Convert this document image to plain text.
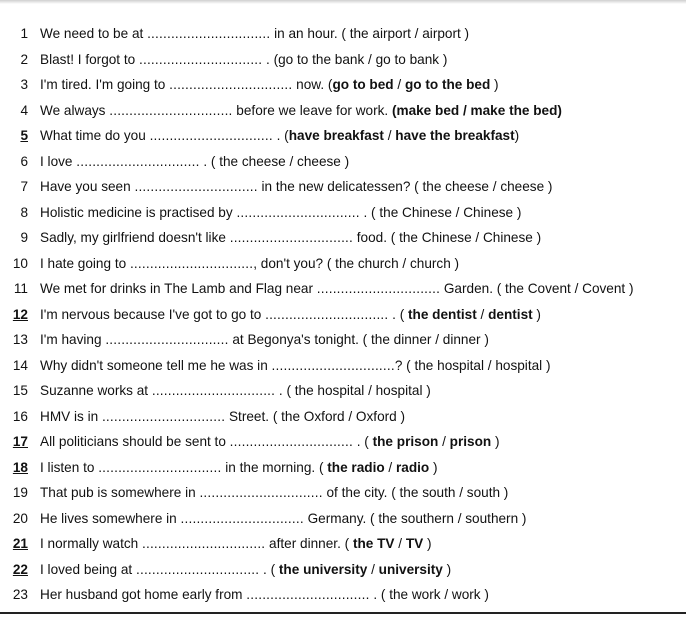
1 We need to be at ............................... in an hour. ( the airport / airport )
2 Blast! I forgot to ............................... . (go to the bank / go to bank )
3 I'm tired. I'm going to ............................... now. (go to bed / go to the bed )
4 We always ............................... before we leave for work. (make bed / make the bed)
5 What time do you ............................... . (have breakfast / have the breakfast)
6 I love ............................... . ( the cheese / cheese )
7 Have you seen ............................... in the new delicatessen? ( the cheese / cheese )
8 Holistic medicine is practised by ............................... . ( the Chinese / Chinese )
9 Sadly, my girlfriend doesn't like ............................... food. ( the Chinese / Chinese )
10 I hate going to ..............................., don't you? ( the church / church )
11 We met for drinks in The Lamb and Flag near ............................... Garden. ( the Covent / Covent )
12 I'm nervous because I've got to go to ............................... . ( the dentist / dentist )
13 I'm having ............................... at Begonya's tonight. ( the dinner / dinner )
14 Why didn't someone tell me he was in ...............................? ( the hospital / hospital )
15 Suzanne works at ............................... . ( the hospital / hospital )
16 HMV is in ............................... Street. ( the Oxford / Oxford )
17 All politicians should be sent to ............................... . ( the prison / prison )
18 I listen to ............................... in the morning. ( the radio / radio )
19 That pub is somewhere in ............................... of the city. ( the south / south )
20 He lives somewhere in ............................... Germany. ( the southern / southern )
21 I normally watch ............................... after dinner. ( the TV / TV )
22 I loved being at ............................... . ( the university / university )
23 Her husband got home early from ............................... . ( the work / work )
